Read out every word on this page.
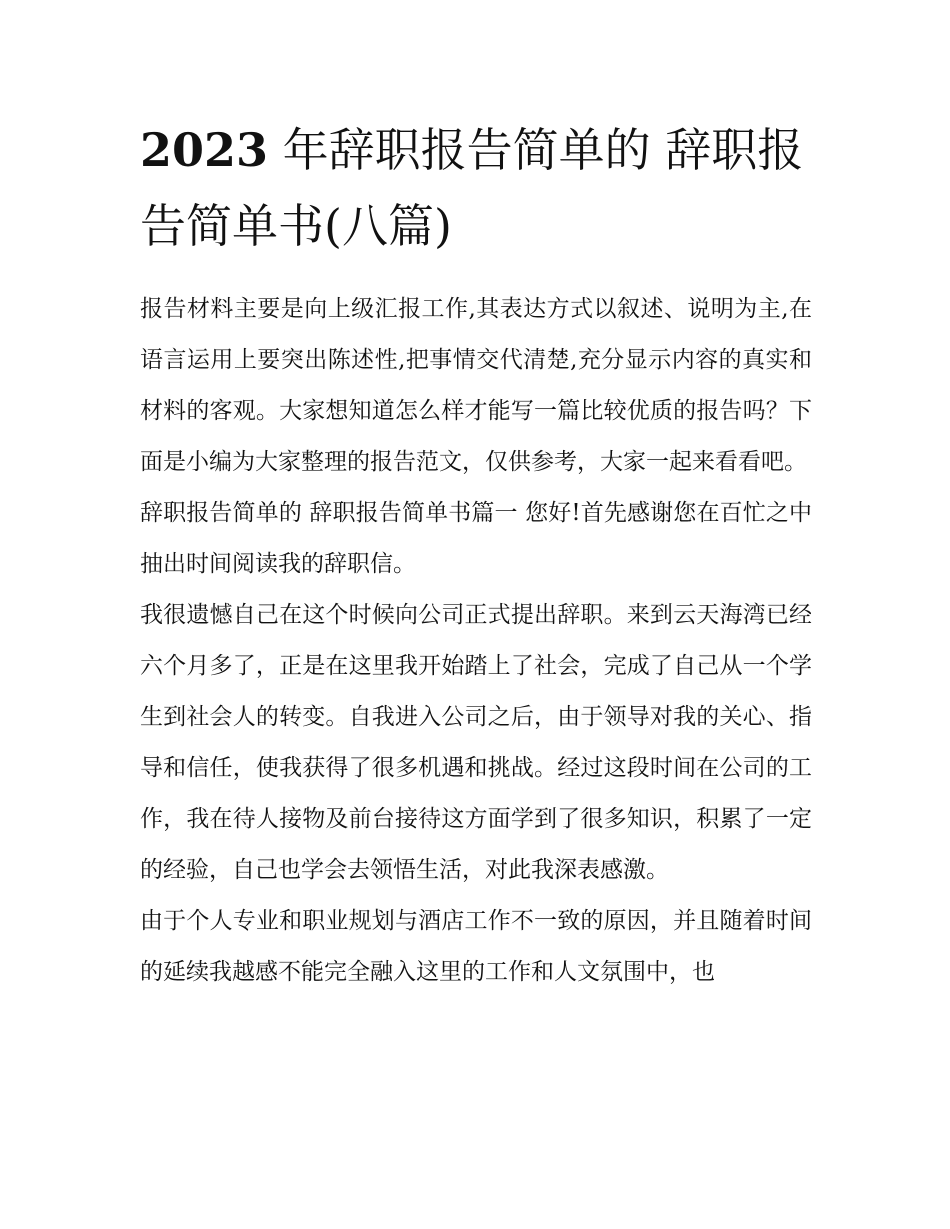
2023 年辞职报告简单的 辞职报告简单书(八篇)

报告材料主要是向上级汇报工作,其表达方式以叙述、说明为主,在语言运用上要突出陈述性,把事情交代清楚,充分显示内容的真实和材料的客观。大家想知道怎么样才能写一篇比较优质的报告吗？下面是小编为大家整理的报告范文，仅供参考，大家一起来看看吧。

辞职报告简单的 辞职报告简单书篇一 您好!首先感谢您在百忙之中抽出时间阅读我的辞职信。

我很遗憾自己在这个时候向公司正式提出辞职。来到云天海湾已经六个月多了，正是在这里我开始踏上了社会，完成了自己从一个学生到社会人的转变。自我进入公司之后，由于领导对我的关心、指导和信任，使我获得了很多机遇和挑战。经过这段时间在公司的工作，我在待人接物及前台接待这方面学到了很多知识，积累了一定的经验，自己也学会去领悟生活，对此我深表感激。

由于个人专业和职业规划与酒店工作不一致的原因，并且随着时间的延续我越感不能完全融入这里的工作和人文氛围中，也
